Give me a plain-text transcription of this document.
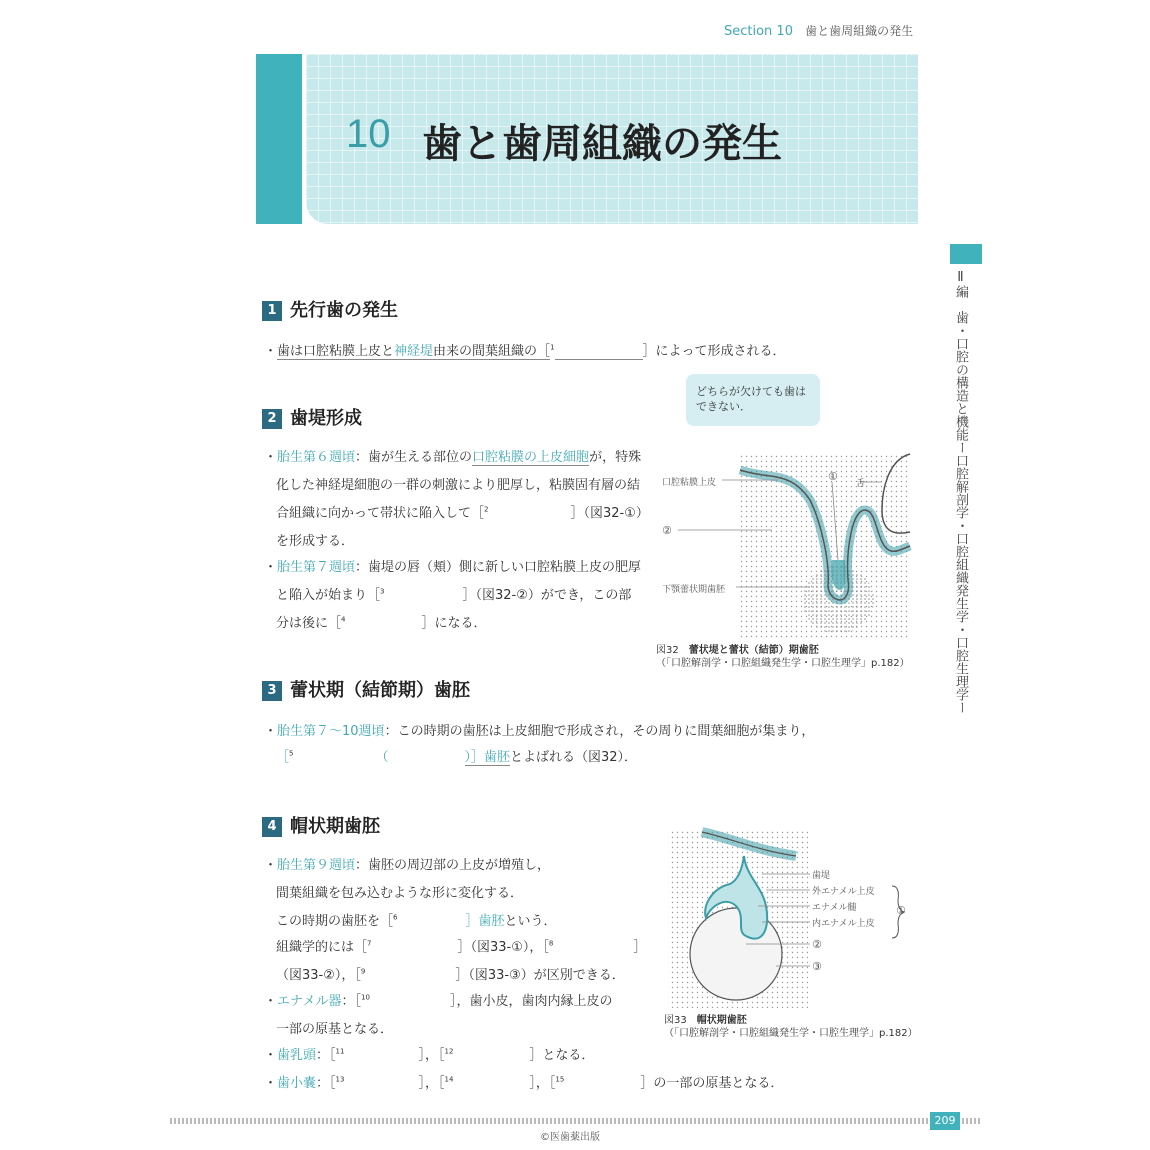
Section 10 歯と歯周組織の発生
10 歯と歯周組織の発生
Ⅱ編　歯・口腔の構造と機能ー口腔解剖学・口腔組織発生学・口腔生理学ー
1 先行歯の発生
・歯は口腔粘膜上皮と神経堤由来の間葉組織の［$^1$	］によって形成される．
どちらが欠けても歯は
できない．
2 歯堤形成
・胎生第６週頃：歯が生える部位の口腔粘膜の上皮細胞が，特殊
化した神経堤細胞の一群の刺激により肥厚し，粘膜固有層の結
合組織に向かって帯状に陥入して［$^2$	］（図32-①）
を形成する．
・胎生第７週頃：歯堤の唇（頬）側に新しい口腔粘膜上皮の肥厚
と陥入が始まり［$^3$	］（図32-②）ができ，この部
分は後に［$^4$	］になる．
口腔粘膜上皮
②
①
舌
下顎蕾状期歯胚
図32　 蕾状堤と蕾状（結節）期歯胚
（「口腔解剖学・口腔組織発生学・口腔生理学」p.182）
3 蕾状期（結節期）歯胚
・胎生第７～10週頃：この時期の歯胚は上皮細胞で形成され，その周りに間葉細胞が集まり，
［$^5$	（	）］歯胚とよばれる（図32）．
4 帽状期歯胚
・胎生第９週頃：歯胚の周辺部の上皮が増殖し，
間葉組織を包み込むような形に変化する．
この時期の歯胚を［$^6$	］歯胚という．
組織学的には［$^7$	］（図33-①），［$^8$	］
（図33-②），［$^9$	］（図33-③）が区別できる．
・エナメル器：［$^{10}$	］，歯小皮，歯肉内縁上皮の
一部の原基となる．
・歯乳頭：［$^{11}$	］，［$^{12}$	］となる．
・歯小嚢：［$^{13}$	］，［$^{14}$	］，［$^{15}$	］の一部の原基となる．
歯堤
外エナメル上皮
エナメル髄
内エナメル上皮
①
②
③
図33　 帽状期歯胚
（「口腔解剖学・口腔組織発生学・口腔生理学」p.182）
209
©医歯薬出版
